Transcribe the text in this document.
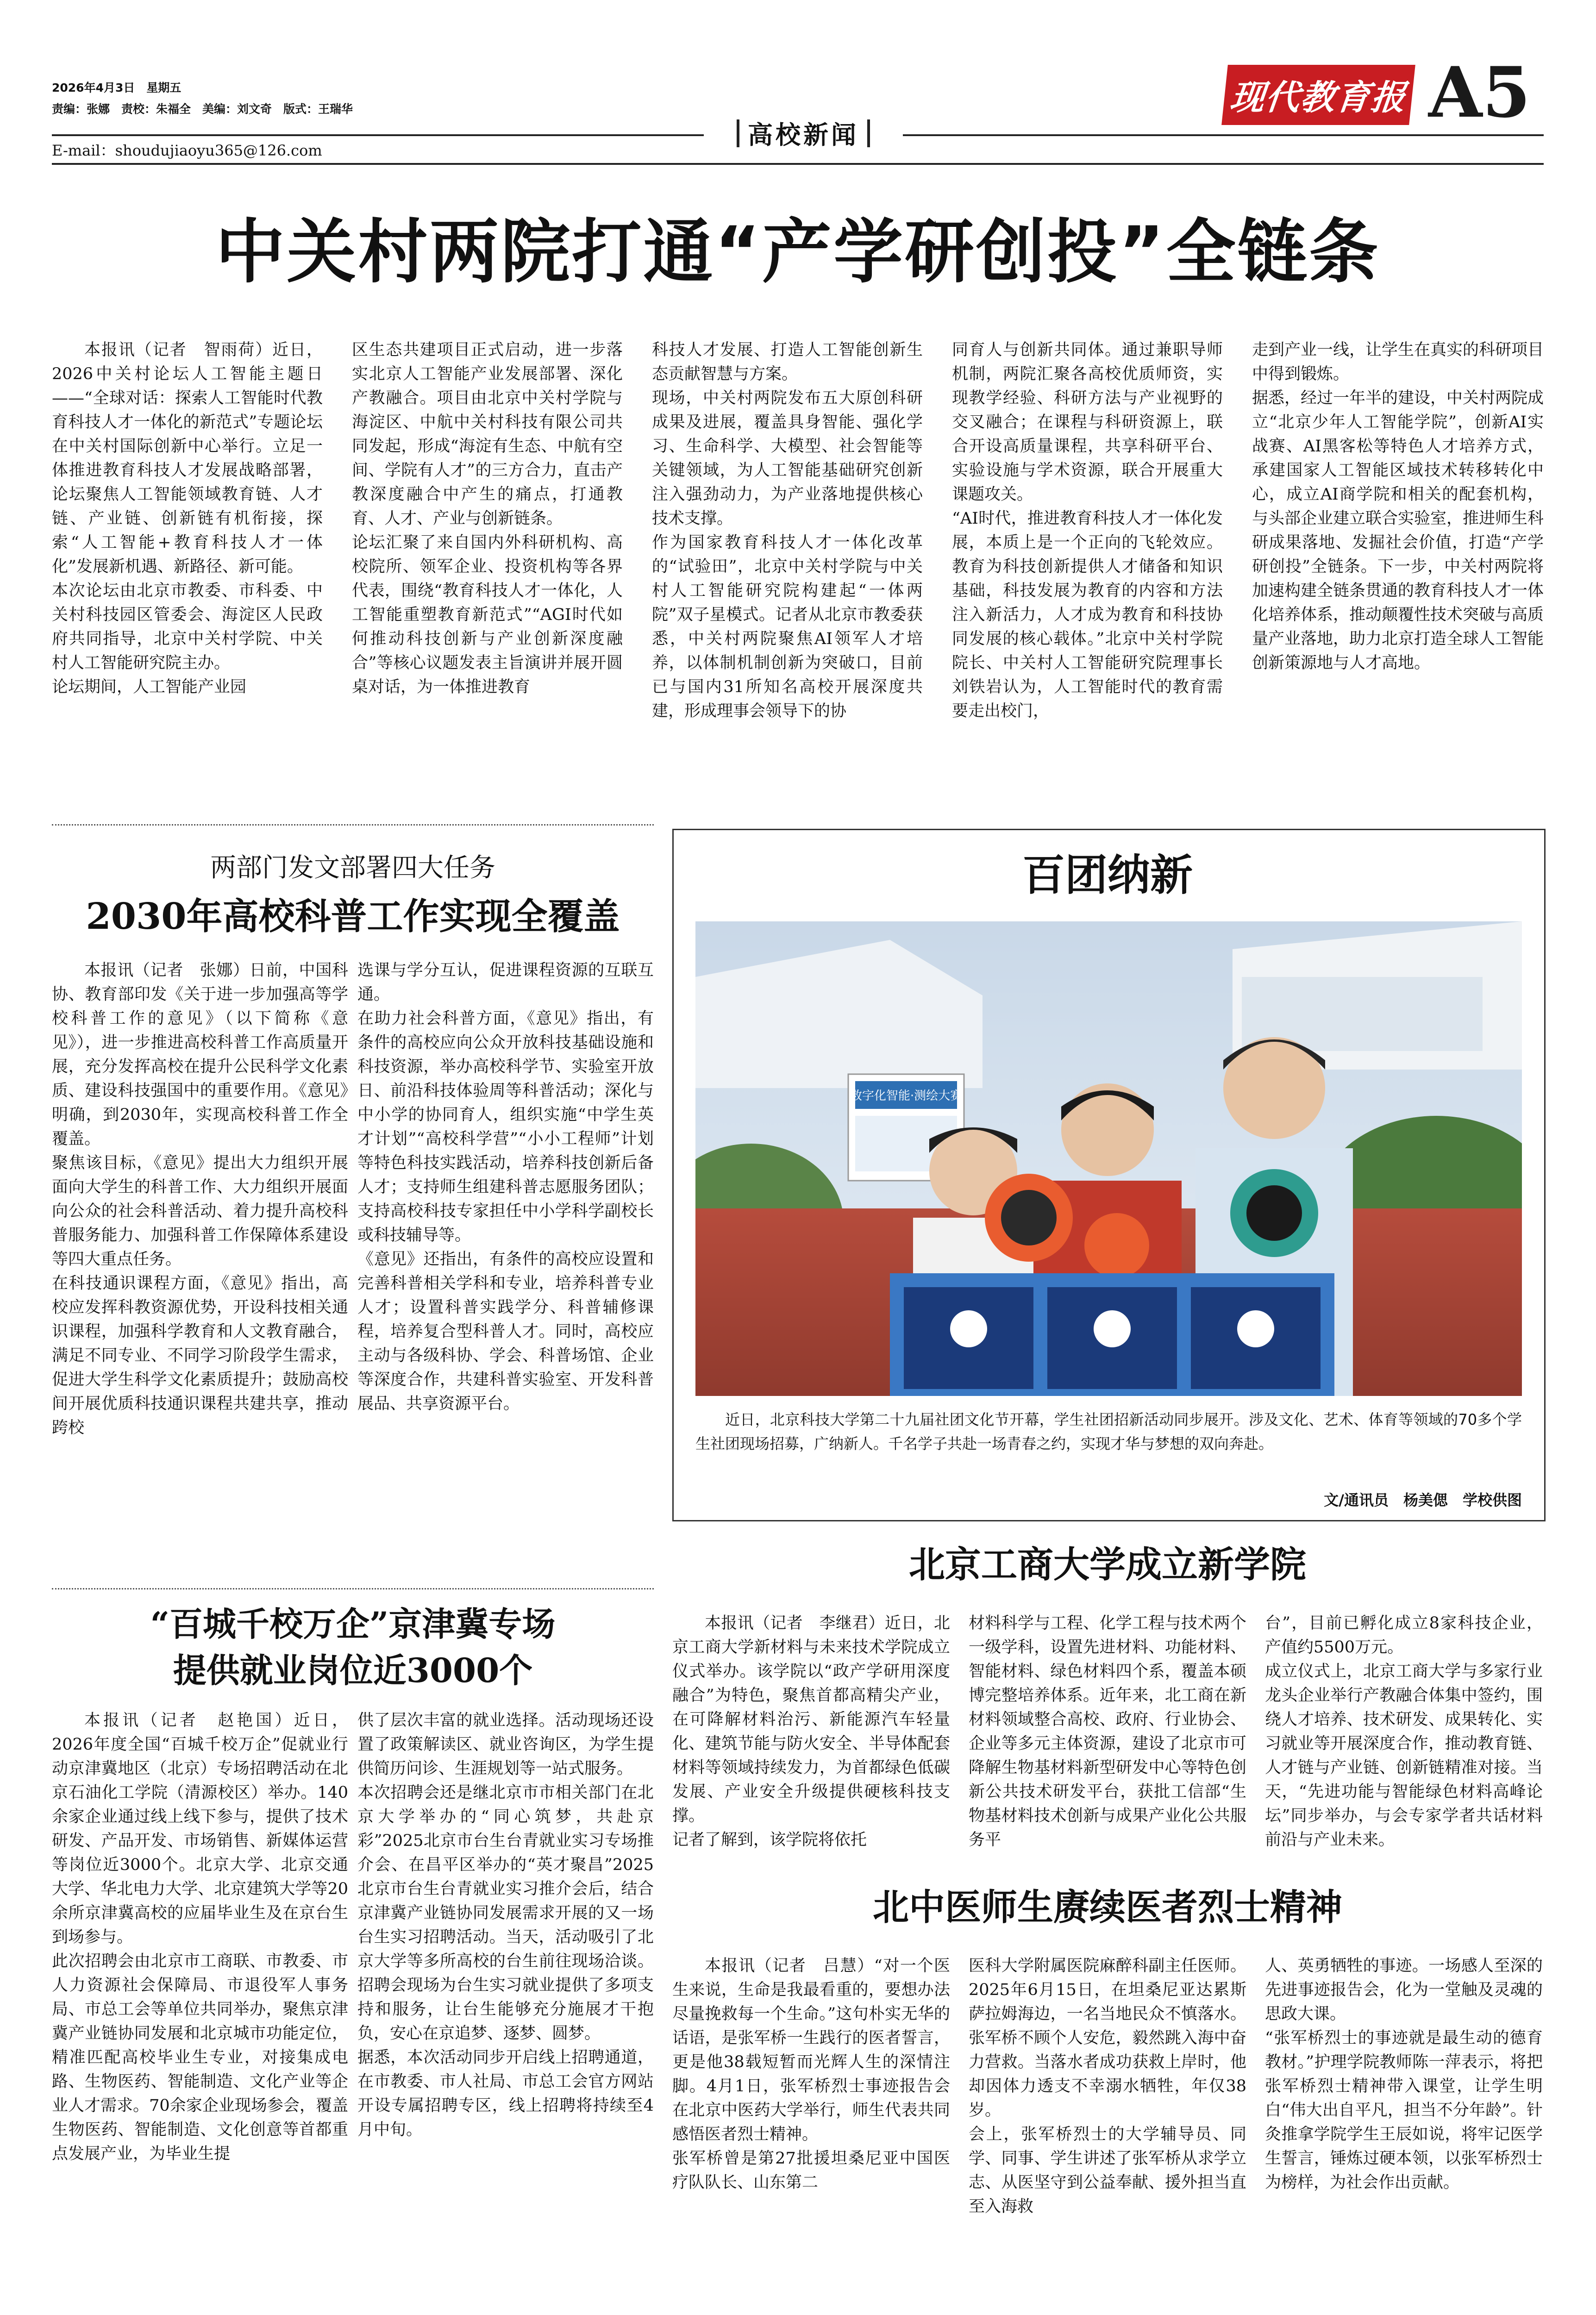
2026年4月3日　星期五
责编：张娜　责校：朱福全　美编：刘文奇　版式：王瑞华
E-mail：shoudujiaoyu365@126.com
高校新闻
现代教育报 A5
中关村两院打通“产学研创投”全链条
本报讯（记者　智雨荷）近日，2026中关村论坛人工智能主题日——“全球对话：探索人工智能时代教育科技人才一体化的新范式”专题论坛在中关村国际创新中心举行。立足一体推进教育科技人才发展战略部署，论坛聚焦人工智能领域教育链、人才链、产业链、创新链有机衔接，探索“人工智能+教育科技人才一体化”发展新机遇、新路径、新可能。
本次论坛由北京市教委、市科委、中关村科技园区管委会、海淀区人民政府共同指导，北京中关村学院、中关村人工智能研究院主办。
论坛期间，人工智能产业园
区生态共建项目正式启动，进一步落实北京人工智能产业发展部署、深化产教融合。项目由北京中关村学院与海淀区、中航中关村科技有限公司共同发起，形成“海淀有生态、中航有空间、学院有人才”的三方合力，直击产教深度融合中产生的痛点，打通教育、人才、产业与创新链条。
论坛汇聚了来自国内外科研机构、高校院所、领军企业、投资机构等各界代表，围绕“教育科技人才一体化，人工智能重塑教育新范式”“AGI时代如何推动科技创新与产业创新深度融合”等核心议题发表主旨演讲并展开圆桌对话，为一体推进教育
科技人才发展、打造人工智能创新生态贡献智慧与方案。
现场，中关村两院发布五大原创科研成果及进展，覆盖具身智能、强化学习、生命科学、大模型、社会智能等关键领域，为人工智能基础研究创新注入强劲动力，为产业落地提供核心技术支撑。
作为国家教育科技人才一体化改革的“试验田”，北京中关村学院与中关村人工智能研究院构建起“一体两院”双子星模式。记者从北京市教委获悉，中关村两院聚焦AI领军人才培养，以体制机制创新为突破口，目前已与国内31所知名高校开展深度共建，形成理事会领导下的协
同育人与创新共同体。通过兼职导师机制，两院汇聚各高校优质师资，实现教学经验、科研方法与产业视野的交叉融合；在课程与科研资源上，联合开设高质量课程，共享科研平台、实验设施与学术资源，联合开展重大课题攻关。
“AI时代，推进教育科技人才一体化发展，本质上是一个正向的飞轮效应。教育为科技创新提供人才储备和知识基础，科技发展为教育的内容和方法注入新活力，人才成为教育和科技协同发展的核心载体。”北京中关村学院院长、中关村人工智能研究院理事长刘铁岩认为，人工智能时代的教育需要走出校门，
走到产业一线，让学生在真实的科研项目中得到锻炼。
据悉，经过一年半的建设，中关村两院成立“北京少年人工智能学院”，创新AI实战赛、AI黑客松等特色人才培养方式，承建国家人工智能区域技术转移转化中心，成立AI商学院和相关的配套机构，与头部企业建立联合实验室，推进师生科研成果落地、发掘社会价值，打造“产学研创投”全链条。下一步，中关村两院将加速构建全链条贯通的教育科技人才一体化培养体系，推动颠覆性技术突破与高质量产业落地，助力北京打造全球人工智能创新策源地与人才高地。
两部门发文部署四大任务
2030年高校科普工作实现全覆盖
本报讯（记者　张娜）日前，中国科协、教育部印发《关于进一步加强高等学校科普工作的意见》（以下简称《意见》），进一步推进高校科普工作高质量开展，充分发挥高校在提升公民科学文化素质、建设科技强国中的重要作用。《意见》明确，到2030年，实现高校科普工作全覆盖。
聚焦该目标，《意见》提出大力组织开展面向大学生的科普工作、大力组织开展面向公众的社会科普活动、着力提升高校科普服务能力、加强科普工作保障体系建设等四大重点任务。
在科技通识课程方面，《意见》指出，高校应发挥科教资源优势，开设科技相关通识课程，加强科学教育和人文教育融合，满足不同专业、不同学习阶段学生需求，促进大学生科学文化素质提升；鼓励高校间开展优质科技通识课程共建共享，推动跨校
选课与学分互认，促进课程资源的互联互通。
在助力社会科普方面，《意见》指出，有条件的高校应向公众开放科技基础设施和科技资源，举办高校科学节、实验室开放日、前沿科技体验周等科普活动；深化与中小学的协同育人，组织实施“中学生英才计划”“高校科学营”“小小工程师”计划等特色科技实践活动，培养科技创新后备人才；支持师生组建科普志愿服务团队；支持高校科技专家担任中小学科学副校长或科技辅导等。
《意见》还指出，有条件的高校应设置和完善科普相关学科和专业，培养科普专业人才；设置科普实践学分、科普辅修课程，培养复合型科普人才。同时，高校应主动与各级科协、学会、科普场馆、企业等深度合作，共建科普实验室、开发科普展品、共享资源平台。
“百城千校万企”京津冀专场
提供就业岗位近3000个
本报讯（记者　赵艳国）近日，2026年度全国“百城千校万企”促就业行动京津冀地区（北京）专场招聘活动在北京石油化工学院（清源校区）举办。140余家企业通过线上线下参与，提供了技术研发、产品开发、市场销售、新媒体运营等岗位近3000个。北京大学、北京交通大学、华北电力大学、北京建筑大学等20余所京津冀高校的应届毕业生及在京台生到场参与。
此次招聘会由北京市工商联、市教委、市人力资源社会保障局、市退役军人事务局、市总工会等单位共同举办，聚焦京津冀产业链协同发展和北京城市功能定位，精准匹配高校毕业生专业，对接集成电路、生物医药、智能制造、文化产业等企业人才需求。70余家企业现场参会，覆盖生物医药、智能制造、文化创意等首都重点发展产业，为毕业生提
供了层次丰富的就业选择。活动现场还设置了政策解读区、就业咨询区，为学生提供简历问诊、生涯规划等一站式服务。
本次招聘会还是继北京市市相关部门在北京大学举办的“同心筑梦，共赴京彩”2025北京市台生台青就业实习专场推介会、在昌平区举办的“英才聚昌”2025北京市台生台青就业实习推介会后，结合京津冀产业链协同发展需求开展的又一场台生实习招聘活动。当天，活动吸引了北京大学等多所高校的台生前往现场洽谈。招聘会现场为台生实习就业提供了多项支持和服务，让台生能够充分施展才干抱负，安心在京追梦、逐梦、圆梦。
据悉，本次活动同步开启线上招聘通道，在市教委、市人社局、市总工会官方网站开设专属招聘专区，线上招聘将持续至4月中旬。
百团纳新
数字化智能·测绘大赛
近日，北京科技大学第二十九届社团文化节开幕，学生社团招新活动同步展开。涉及文化、艺术、体育等领域的70多个学生社团现场招募，广纳新人。千名学子共赴一场青春之约，实现才华与梦想的双向奔赴。
文/通讯员　杨美偲　学校供图
北京工商大学成立新学院
本报讯（记者　李继君）近日，北京工商大学新材料与未来技术学院成立仪式举办。该学院以“政产学研用深度融合”为特色，聚焦首都高精尖产业，在可降解材料治污、新能源汽车轻量化、建筑节能与防火安全、半导体配套材料等领域持续发力，为首都绿色低碳发展、产业安全升级提供硬核科技支撑。
记者了解到，该学院将依托
材料科学与工程、化学工程与技术两个一级学科，设置先进材料、功能材料、智能材料、绿色材料四个系，覆盖本硕博完整培养体系。近年来，北工商在新材料领域整合高校、政府、行业协会、企业等多元主体资源，建设了北京市可降解生物基材料新型研发中心等特色创新公共技术研发平台，获批工信部“生物基材料技术创新与成果产业化公共服务平
台”，目前已孵化成立8家科技企业，产值约5500万元。
成立仪式上，北京工商大学与多家行业龙头企业举行产教融合体集中签约，围绕人才培养、技术研发、成果转化、实习就业等开展深度合作，推动教育链、人才链与产业链、创新链精准对接。当天，“先进功能与智能绿色材料高峰论坛”同步举办，与会专家学者共话材料前沿与产业未来。
北中医师生赓续医者烈士精神
本报讯（记者　吕慧）“对一个医生来说，生命是我最看重的，要想办法尽量挽救每一个生命。”这句朴实无华的话语，是张军桥一生践行的医者誓言，更是他38载短暂而光辉人生的深情注脚。4月1日，张军桥烈士事迹报告会在北京中医药大学举行，师生代表共同感悟医者烈士精神。
张军桥曾是第27批援坦桑尼亚中国医疗队队长、山东第二
医科大学附属医院麻醉科副主任医师。2025年6月15日，在坦桑尼亚达累斯萨拉姆海边，一名当地民众不慎落水。张军桥不顾个人安危，毅然跳入海中奋力营救。当落水者成功获救上岸时，他却因体力透支不幸溺水牺牲，年仅38岁。
会上，张军桥烈士的大学辅导员、同学、同事、学生讲述了张军桥从求学立志、从医坚守到公益奉献、援外担当直至入海救
人、英勇牺牲的事迹。一场感人至深的先进事迹报告会，化为一堂触及灵魂的思政大课。
“张军桥烈士的事迹就是最生动的德育教材。”护理学院教师陈一萍表示，将把张军桥烈士精神带入课堂，让学生明白“伟大出自平凡，担当不分年龄”。针灸推拿学院学生王辰如说，将牢记医学生誓言，锤炼过硬本领，以张军桥烈士为榜样，为社会作出贡献。
